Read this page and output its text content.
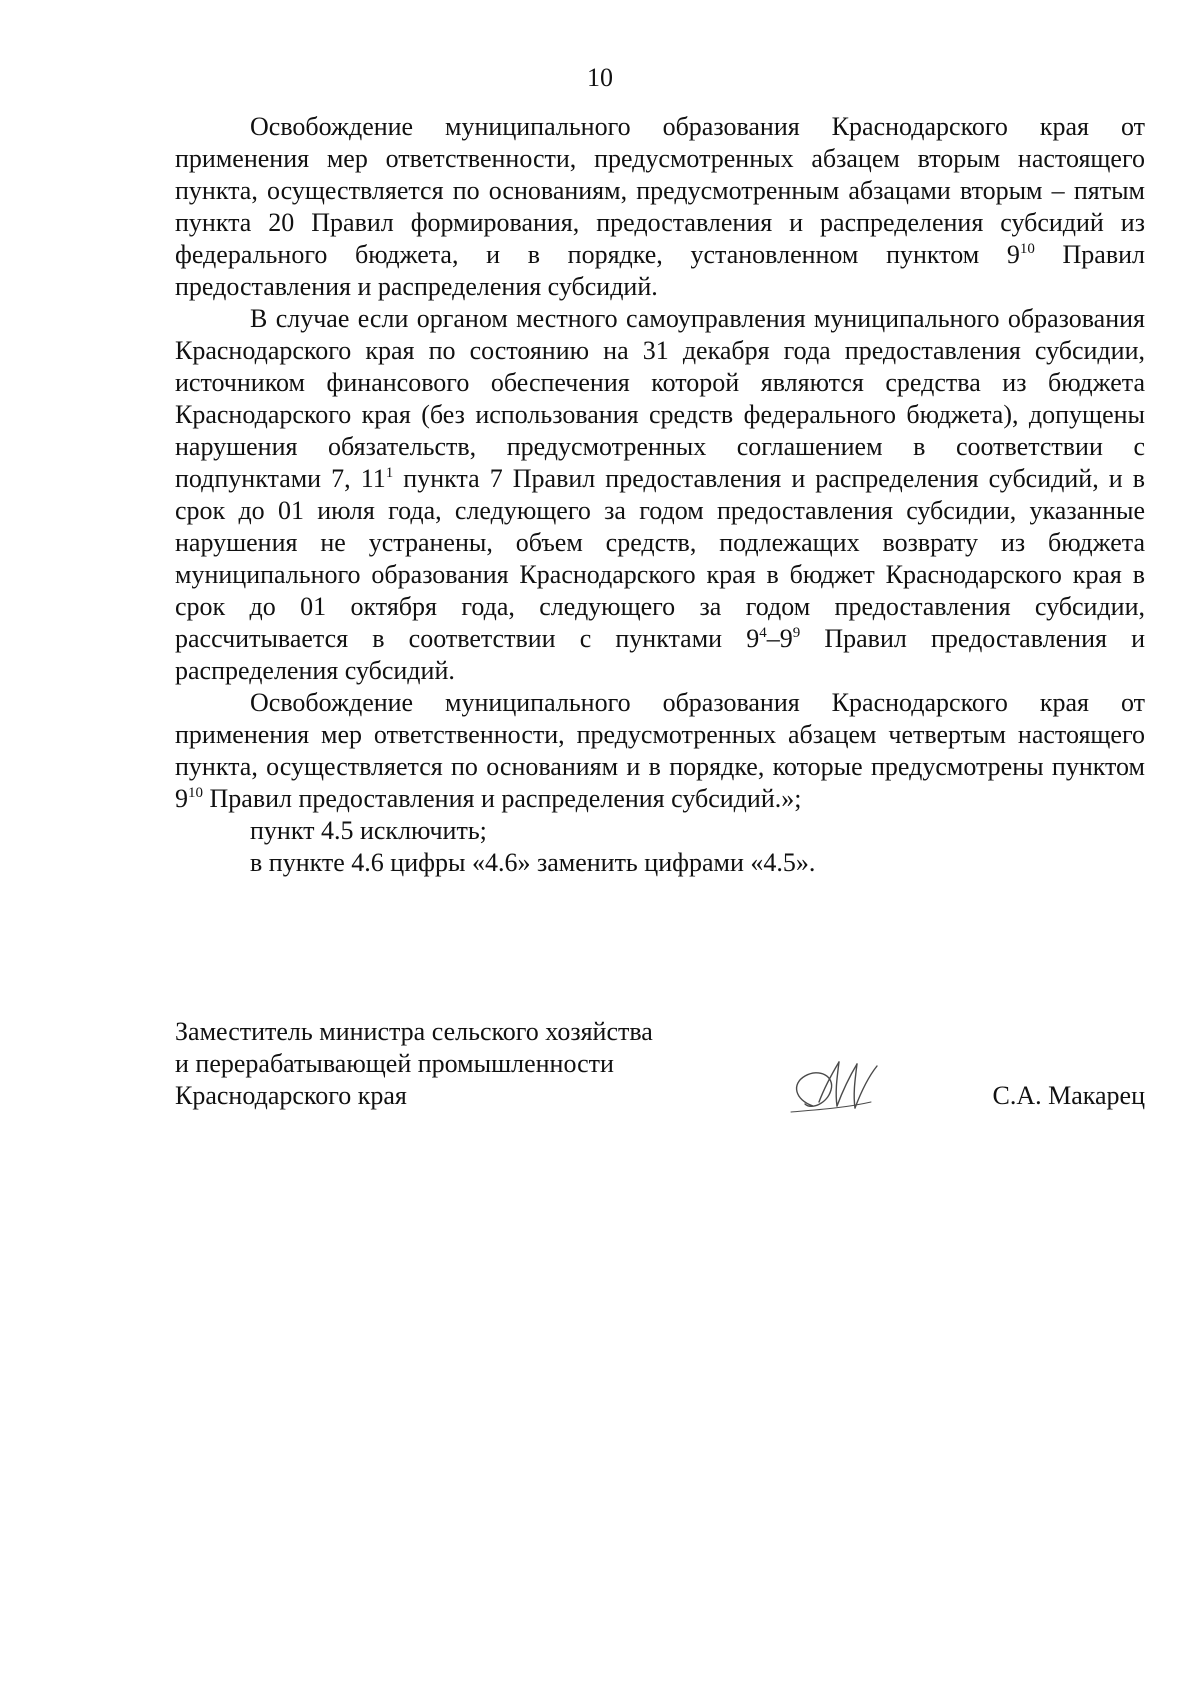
10

Освобождение муниципального образования Краснодарского края от применения мер ответственности, предусмотренных абзацем вторым настоящего пункта, осуществляется по основаниям, предусмотренным абзацами вторым – пятым пункта 20 Правил формирования, предоставления и распределения субсидий из федерального бюджета, и в порядке, установленном пунктом $9^{10}$ Правил предоставления и распределения субсидий.

В случае если органом местного самоуправления муниципального образования Краснодарского края по состоянию на 31 декабря года предоставления субсидии, источником финансового обеспечения которой являются средства из бюджета Краснодарского края (без использования средств федерального бюджета), допущены нарушения обязательств, предусмотренных соглашением в соответствии с подпунктами 7, $11^1$ пункта 7 Правил предоставления и распределения субсидий, и в срок до 01 июля года, следующего за годом предоставления субсидии, указанные нарушения не устранены, объем средств, подлежащих возврату из бюджета муниципального образования Краснодарского края в бюджет Краснодарского края в срок до 01 октября года, следующего за годом предоставления субсидии, рассчитывается в соответствии с пунктами $9^4-9^9$ Правил предоставления и распределения субсидий.

Освобождение муниципального образования Краснодарского края от применения мер ответственности, предусмотренных абзацем четвертым настоящего пункта, осуществляется по основаниям и в порядке, которые предусмотрены пунктом $9^{10}$ Правил предоставления и распределения субсидий.»;

пункт 4.5 исключить;

в пункте 4.6 цифры «4.6» заменить цифрами «4.5».

Заместитель министра сельского хозяйства
и перерабатывающей промышленности
Краснодарского края	С.А. Макарец
